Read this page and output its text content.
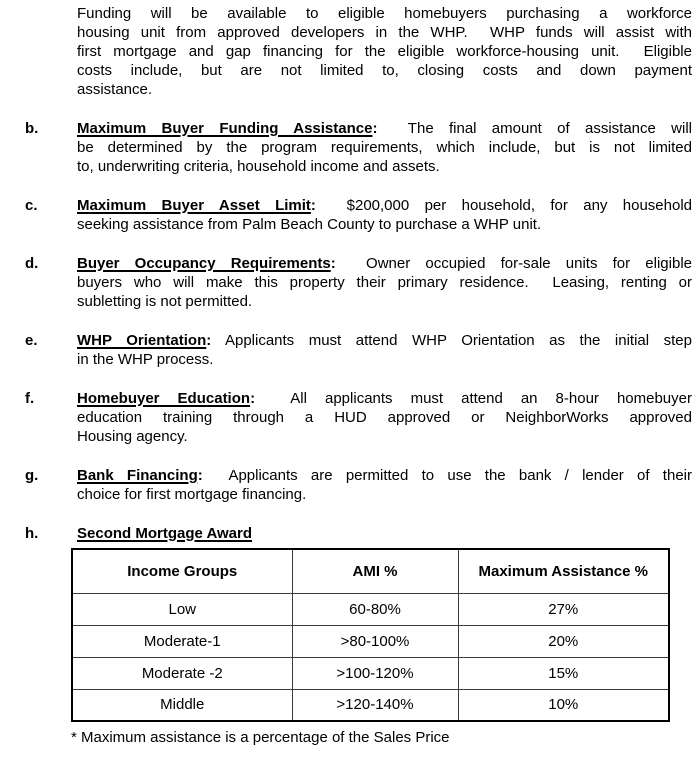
Funding will be available to eligible homebuyers purchasing a workforce
housing unit from approved developers in the WHP.  WHP funds will assist with
first mortgage and gap financing for the eligible workforce-housing unit.  Eligible
costs include, but are not limited to, closing costs and down payment
assistance.
b.	Maximum Buyer Funding Assistance:  The final amount of assistance will
be determined by the program requirements, which include, but is not limited
to, underwriting criteria, household income and assets.
c.	Maximum Buyer Asset Limit:  $200,000 per household, for any household
seeking assistance from Palm Beach County to purchase a WHP unit.
d.	Buyer Occupancy Requirements:  Owner occupied for-sale units for eligible
buyers who will make this property their primary residence.  Leasing, renting or
subletting is not permitted.
e.	WHP Orientation: Applicants must attend WHP Orientation as the initial step
in the WHP process.
f.	Homebuyer Education:  All applicants must attend an 8-hour homebuyer
education training through a HUD approved or NeighborWorks approved
Housing agency.
g.	Bank Financing:  Applicants are permitted to use the bank / lender of their
choice for first mortgage financing.
h.	Second Mortgage Award
Income Groups	AMI %	Maximum Assistance %
Low	60-80%	27%
Moderate-1	>80-100%	20%
Moderate -2	>100-120%	15%
Middle	>120-140%	10%
* Maximum assistance is a percentage of the Sales Price
